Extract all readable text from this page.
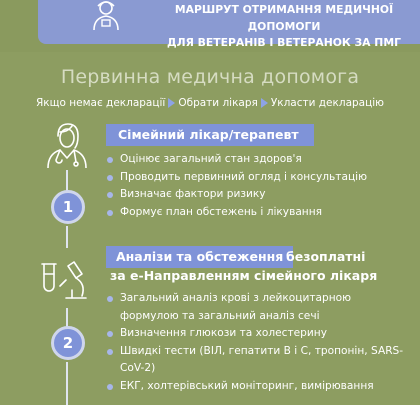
МАРШРУТ ОТРИМАННЯ МЕДИЧНОЇ ДОПОМОГИ
ДЛЯ ВЕТЕРАНІВ І ВЕТЕРАНОК ЗА ПМГ
Первинна медична допомога
Якщо немає декларації Обрати лікаря Укласти декларацію
1
Сімейний лікар/терапевт
Оцінює загальний стан здоров'я
Проводить первинний огляд і консультацію
Визначає фактори ризику
Формує план обстежень і лікування
2
Аналізи та обстеження безоплатні
за е-Направленням сімейного лікаря
Загальний аналіз крові з лейкоцитарною формулою та загальний аналіз сечі
Визначення глюкози та холестерину
Швидкі тести (ВІЛ, гепатити В і С, тропонін, SARS-CoV-2)
ЕКГ, холтерівський моніторинг, вимірювання
